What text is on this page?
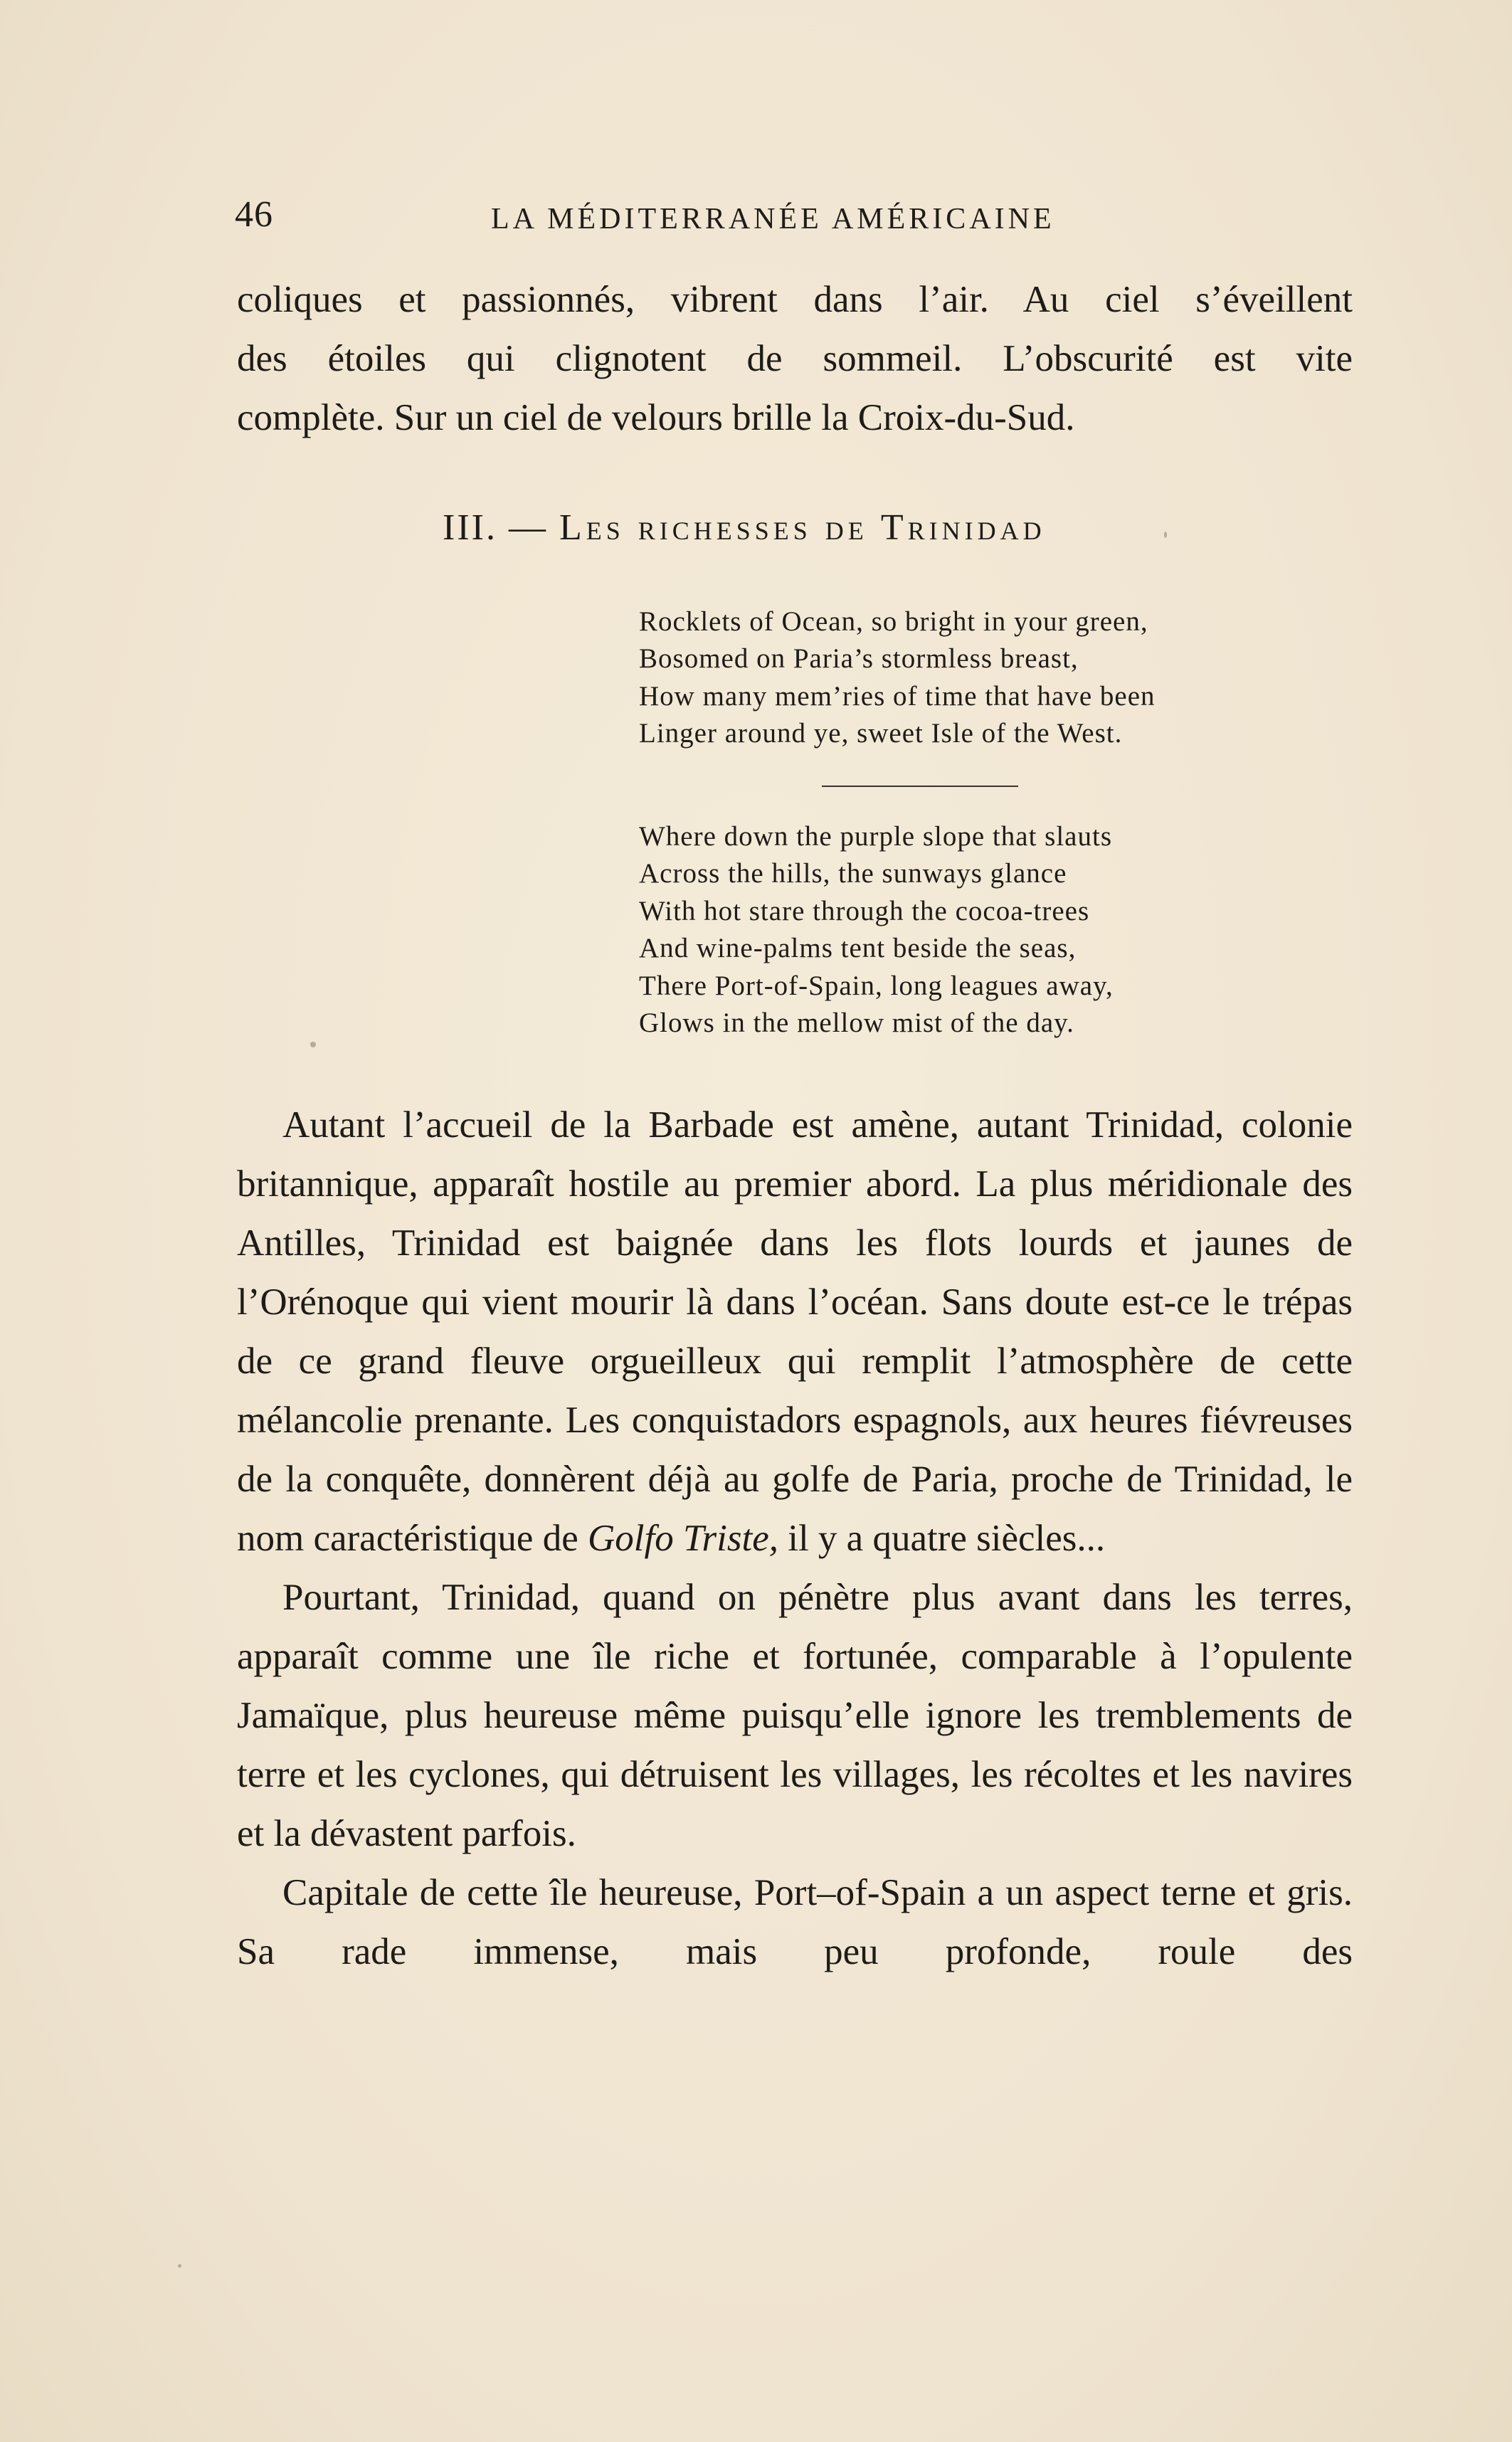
46	LA MÉDITERRANÉE AMÉRICAINE
coliques et passionnés, vibrent dans l’air. Au ciel s’éveillent
des étoiles qui clignotent de sommeil. L’obscurité est vite
complète. Sur un ciel de velours brille la Croix-du-Sud.
III. — Les richesses de Trinidad
Rocklets of Ocean, so bright in your green,
Bosomed on Paria’s stormless breast,
How many mem’ries of time that have been
Linger around ye, sweet Isle of the West.
Where down the purple slope that slauts
Across the hills, the sunways glance
With hot stare through the cocoa-trees
And wine-palms tent beside the seas,
There Port-of-Spain, long leagues away,
Glows in the mellow mist of the day.

Autant l’accueil de la Barbade est amène, autant Trinidad, colonie britannique, apparaît hostile au premier abord. La plus méridionale des Antilles, Trinidad est baignée dans les flots lourds et jaunes de l’Orénoque qui vient mourir là dans l’océan. Sans doute est-ce le trépas de ce grand fleuve orgueilleux qui remplit l’atmosphère de cette mélancolie prenante. Les conquistadors espagnols, aux heures fiévreuses de la conquête, donnèrent déjà au golfe de Paria, proche de Trinidad, le nom caractéristique de Golfo Triste, il y a quatre siècles...

Pourtant, Trinidad, quand on pénètre plus avant dans les terres, apparaît comme une île riche et fortunée, comparable à l’opulente Jamaïque, plus heureuse même puisqu’elle ignore les tremblements de terre et les cyclones, qui détruisent les villages, les récoltes et les navires et la dévastent parfois.

Capitale de cette île heureuse, Port–of-Spain a un aspect terne et gris. Sa rade immense, mais peu profonde, roule des
